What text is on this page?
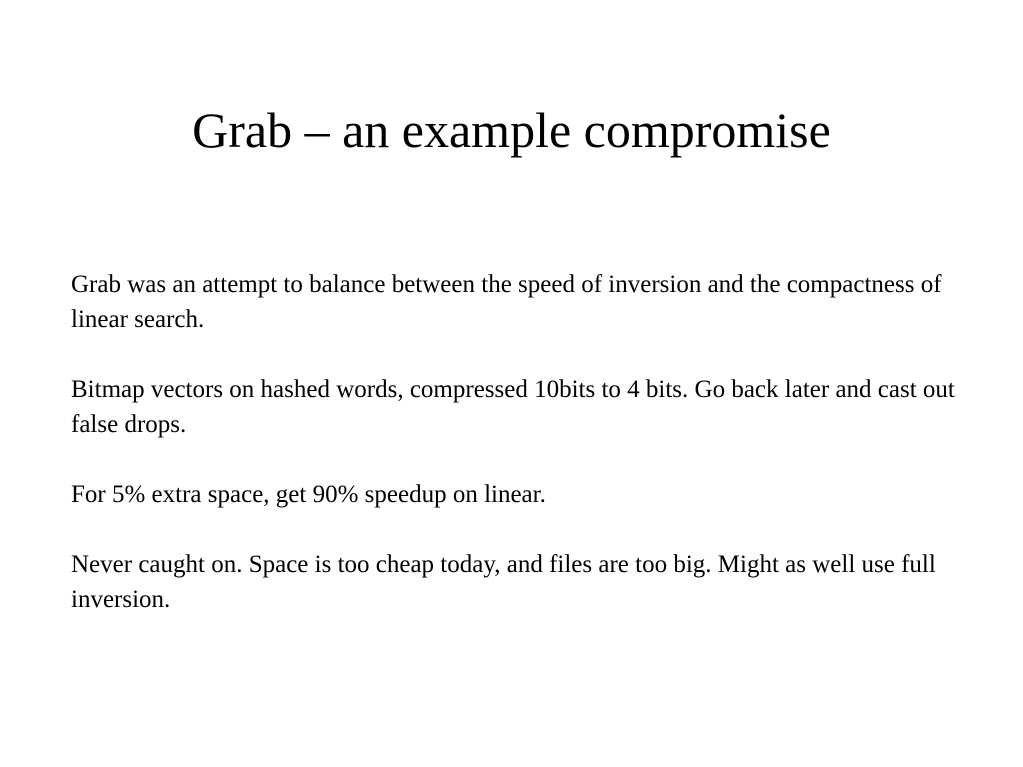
Grab – an example compromise

Grab was an attempt to balance between the speed of inversion and the compactness of linear search.

Bitmap vectors on hashed words, compressed 10bits to 4 bits. Go back later and cast out false drops.

For 5% extra space, get 90% speedup on linear.

Never caught on. Space is too cheap today, and files are too big. Might as well use full inversion.
